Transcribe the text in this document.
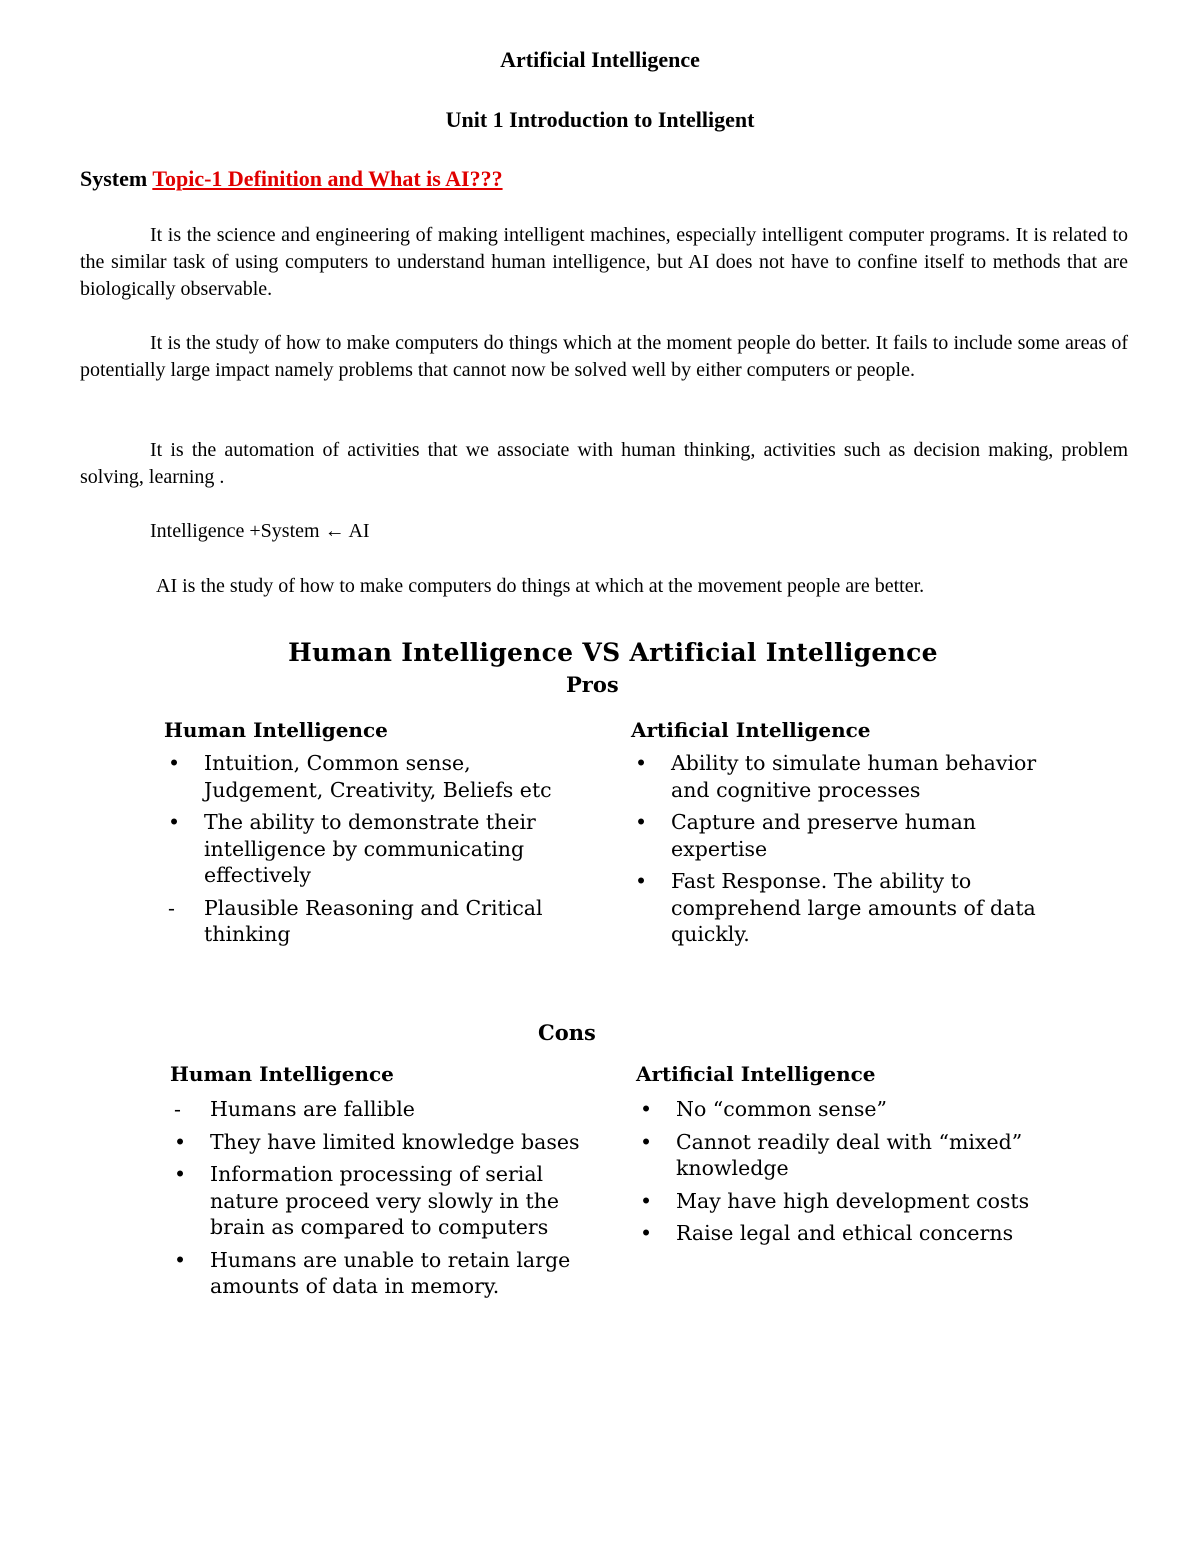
Artificial Intelligence
Unit 1 Introduction to Intelligent
System Topic-1 Definition and What is AI???
It is the science and engineering of making intelligent machines, especially intelligent computer programs. It is related to the similar task of using computers to understand human intelligence, but AI does not have to confine itself to methods that are biologically observable.
It is the study of how to make computers do things which at the moment people do better. It fails to include some areas of potentially large impact namely problems that cannot now be solved well by either computers or people.
It is the automation of activities that we associate with human thinking, activities such as decision making, problem solving, learning .
Intelligence +System ← AI
AI is the study of how to make computers do things at which at the movement people are better.
Human Intelligence VS Artificial Intelligence
Pros
Human Intelligence
• Intuition, Common sense, Judgement, Creativity, Beliefs etc
• The ability to demonstrate their intelligence by communicating effectively
- Plausible Reasoning and Critical thinking
Artificial Intelligence
• Ability to simulate human behavior and cognitive processes
• Capture and preserve human expertise
• Fast Response. The ability to comprehend large amounts of data quickly.
Cons
Human Intelligence
- Humans are fallible
• They have limited knowledge bases
• Information processing of serial nature proceed very slowly in the brain as compared to computers
• Humans are unable to retain large amounts of data in memory.
Artificial Intelligence
• No “common sense”
• Cannot readily deal with “mixed” knowledge
• May have high development costs
• Raise legal and ethical concerns
